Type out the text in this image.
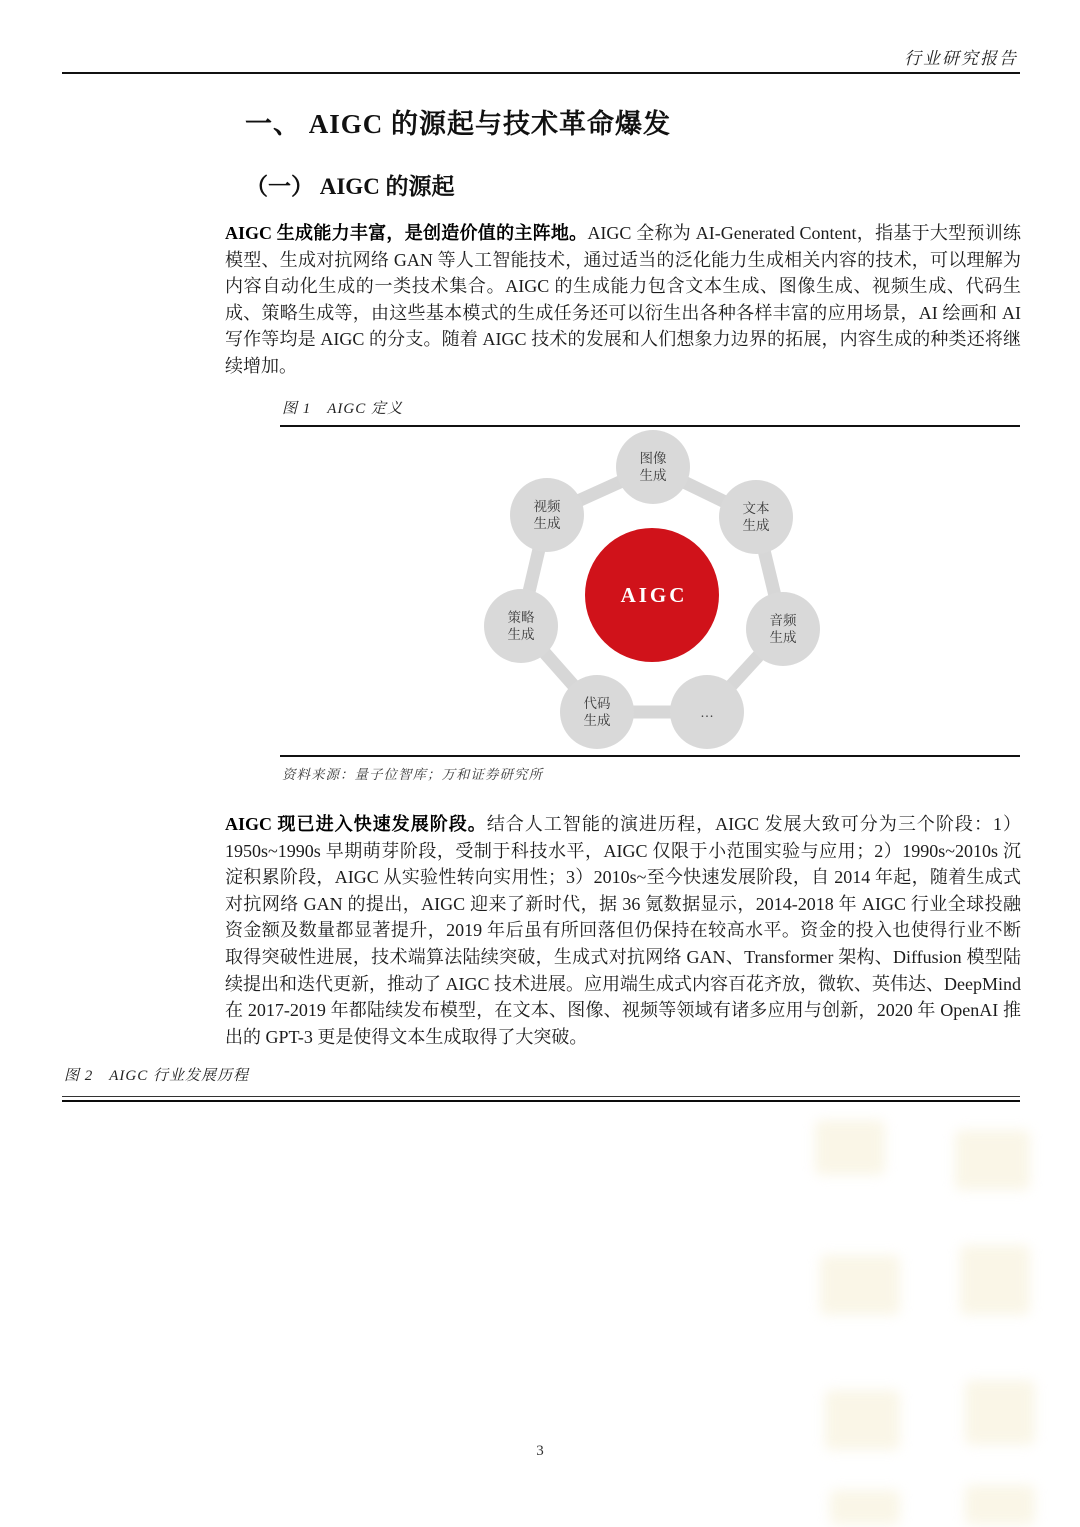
行业研究报告
一、 AIGC 的源起与技术革命爆发
（一） AIGC 的源起
AIGC 生成能力丰富，是创造价值的主阵地。AIGC 全称为 AI-Generated Content，指基于大型预训练模型、生成对抗网络 GAN 等人工智能技术，通过适当的泛化能力生成相关内容的技术，可以理解为内容自动化生成的一类技术集合。AIGC 的生成能力包含文本生成、图像生成、视频生成、代码生成、策略生成等，由这些基本模式的生成任务还可以衍生出各种各样丰富的应用场景，AI 绘画和 AI 写作等均是 AIGC 的分支。随着 AIGC 技术的发展和人们想象力边界的拓展，内容生成的种类还将继续增加。
图 1　AIGC 定义
图像生成
文本生成
音频生成
…
代码生成
策略生成
视频生成
AIGC
资料来源：量子位智库；万和证券研究所
AIGC 现已进入快速发展阶段。结合人工智能的演进历程，AIGC 发展大致可分为三个阶段：1）1950s~1990s 早期萌芽阶段，受制于科技水平，AIGC 仅限于小范围实验与应用；2）1990s~2010s 沉淀积累阶段，AIGC 从实验性转向实用性；3）2010s~至今快速发展阶段，自 2014 年起，随着生成式对抗网络 GAN 的提出，AIGC 迎来了新时代，据 36 氪数据显示，2014-2018 年 AIGC 行业全球投融资金额及数量都显著提升，2019 年后虽有所回落但仍保持在较高水平。资金的投入也使得行业不断取得突破性进展，技术端算法陆续突破，生成式对抗网络 GAN、Transformer 架构、Diffusion 模型陆续提出和迭代更新，推动了 AIGC 技术进展。应用端生成式内容百花齐放，微软、英伟达、DeepMind 在 2017-2019 年都陆续发布模型，在文本、图像、视频等领域有诸多应用与创新，2020 年 OpenAI 推出的 GPT-3 更是使得文本生成取得了大突破。
图 2　AIGC 行业发展历程
3
